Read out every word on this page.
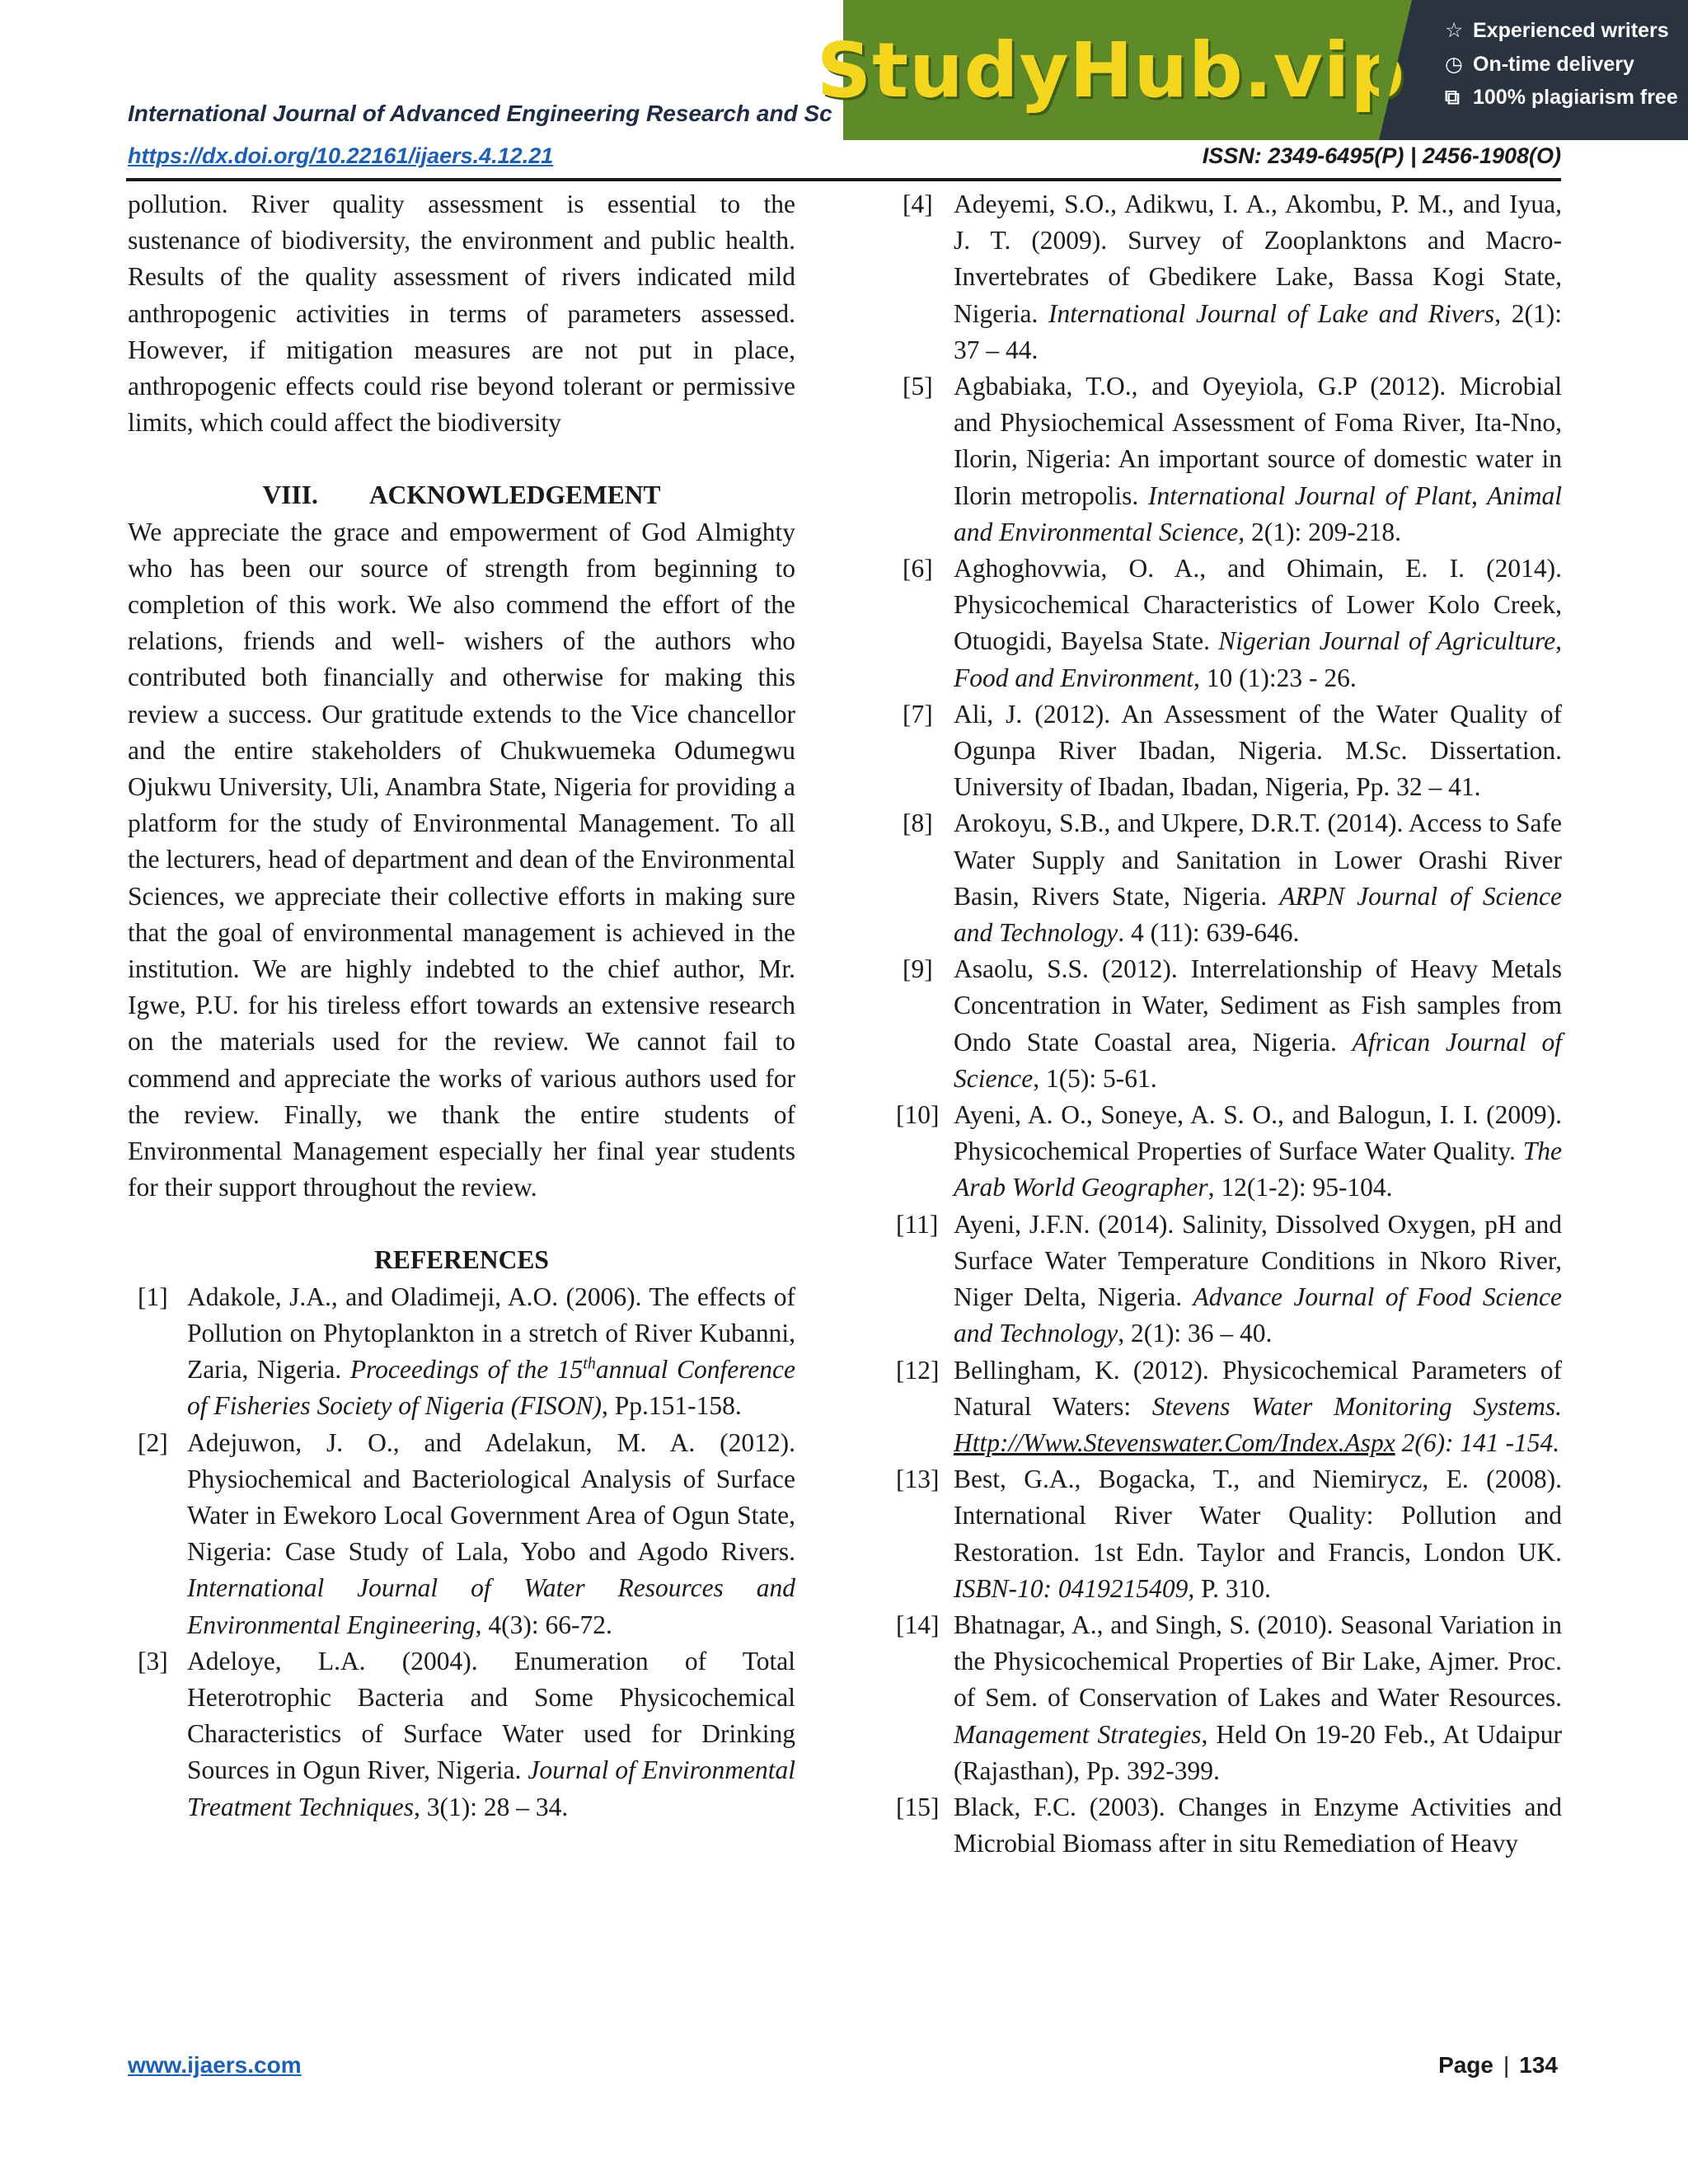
International Journal of Advanced Engineering Research and Sc
https://dx.doi.org/10.22161/ijaers.4.12.21	ISSN: 2349-6495(P) | 2456-1908(O)
StudyHub.vip ☆ Experienced writers
◷ On-time delivery
⧉ 100% plagiarism free

pollution. River quality assessment is essential to the sustenance of biodiversity, the environment and public health. Results of the quality assessment of rivers indicated mild anthropogenic activities in terms of parameters assessed. However, if mitigation measures are not put in place, anthropogenic effects could rise beyond tolerant or permissive limits, which could affect the biodiversity

VIII. ACKNOWLEDGEMENT

We appreciate the grace and empowerment of God Almighty who has been our source of strength from beginning to completion of this work. We also commend the effort of the relations, friends and well- wishers of the authors who contributed both financially and otherwise for making this review a success. Our gratitude extends to the Vice chancellor and the entire stakeholders of Chukwuemeka Odumegwu Ojukwu University, Uli, Anambra State, Nigeria for providing a platform for the study of Environmental Management. To all the lecturers, head of department and dean of the Environmental Sciences, we appreciate their collective efforts in making sure that the goal of environmental management is achieved in the institution. We are highly indebted to the chief author, Mr. Igwe, P.U. for his tireless effort towards an extensive research on the materials used for the review. We cannot fail to commend and appreciate the works of various authors used for the review. Finally, we thank the entire students of Environmental Management especially her final year students for their support throughout the review.

REFERENCES

[1] Adakole, J.A., and Oladimeji, A.O. (2006). The effects of Pollution on Phytoplankton in a stretch of River Kubanni, Zaria, Nigeria. Proceedings of the 15thannual Conference of Fisheries Society of Nigeria (FISON), Pp.151-158.

[2] Adejuwon, J. O., and Adelakun, M. A. (2012). Physiochemical and Bacteriological Analysis of Surface Water in Ewekoro Local Government Area of Ogun State, Nigeria: Case Study of Lala, Yobo and Agodo Rivers. International Journal of Water Resources and Environmental Engineering, 4(3): 66-72.

[3] Adeloye, L.A. (2004). Enumeration of Total Heterotrophic Bacteria and Some Physicochemical Characteristics of Surface Water used for Drinking Sources in Ogun River, Nigeria. Journal of Environmental Treatment Techniques, 3(1): 28 – 34.

[4] Adeyemi, S.O., Adikwu, I. A., Akombu, P. M., and Iyua, J. T. (2009). Survey of Zooplanktons and Macro-Invertebrates of Gbedikere Lake, Bassa Kogi State, Nigeria. International Journal of Lake and Rivers, 2(1): 37 – 44.

[5] Agbabiaka, T.O., and Oyeyiola, G.P (2012). Microbial and Physiochemical Assessment of Foma River, Ita-Nno, Ilorin, Nigeria: An important source of domestic water in Ilorin metropolis. International Journal of Plant, Animal and Environmental Science, 2(1): 209-218.

[6] Aghoghovwia, O. A., and Ohimain, E. I. (2014). Physicochemical Characteristics of Lower Kolo Creek, Otuogidi, Bayelsa State. Nigerian Journal of Agriculture, Food and Environment, 10 (1):23 - 26.

[7] Ali, J. (2012). An Assessment of the Water Quality of Ogunpa River Ibadan, Nigeria. M.Sc. Dissertation. University of Ibadan, Ibadan, Nigeria, Pp. 32 – 41.

[8] Arokoyu, S.B., and Ukpere, D.R.T. (2014). Access to Safe Water Supply and Sanitation in Lower Orashi River Basin, Rivers State, Nigeria. ARPN Journal of Science and Technology. 4 (11): 639-646.

[9] Asaolu, S.S. (2012). Interrelationship of Heavy Metals Concentration in Water, Sediment as Fish samples from Ondo State Coastal area, Nigeria. African Journal of Science, 1(5): 5-61.

[10] Ayeni, A. O., Soneye, A. S. O., and Balogun, I. I. (2009). Physicochemical Properties of Surface Water Quality. The Arab World Geographer, 12(1-2): 95-104.

[11] Ayeni, J.F.N. (2014). Salinity, Dissolved Oxygen, pH and Surface Water Temperature Conditions in Nkoro River, Niger Delta, Nigeria. Advance Journal of Food Science and Technology, 2(1): 36 – 40.

[12] Bellingham, K. (2012). Physicochemical Parameters of Natural Waters: Stevens Water Monitoring Systems. Http://Www.Stevenswater.Com/Index.Aspx 2(6): 141 -154.

[13] Best, G.A., Bogacka, T., and Niemirycz, E. (2008). International River Water Quality: Pollution and Restoration. 1st Edn. Taylor and Francis, London UK. ISBN-10: 0419215409, P. 310.

[14] Bhatnagar, A., and Singh, S. (2010). Seasonal Variation in the Physicochemical Properties of Bir Lake, Ajmer. Proc. of Sem. of Conservation of Lakes and Water Resources. Management Strategies, Held On 19-20 Feb., At Udaipur (Rajasthan), Pp. 392-399.

[15] Black, F.C. (2003). Changes in Enzyme Activities and Microbial Biomass after in situ Remediation of Heavy

www.ijaers.com	Page | 134
